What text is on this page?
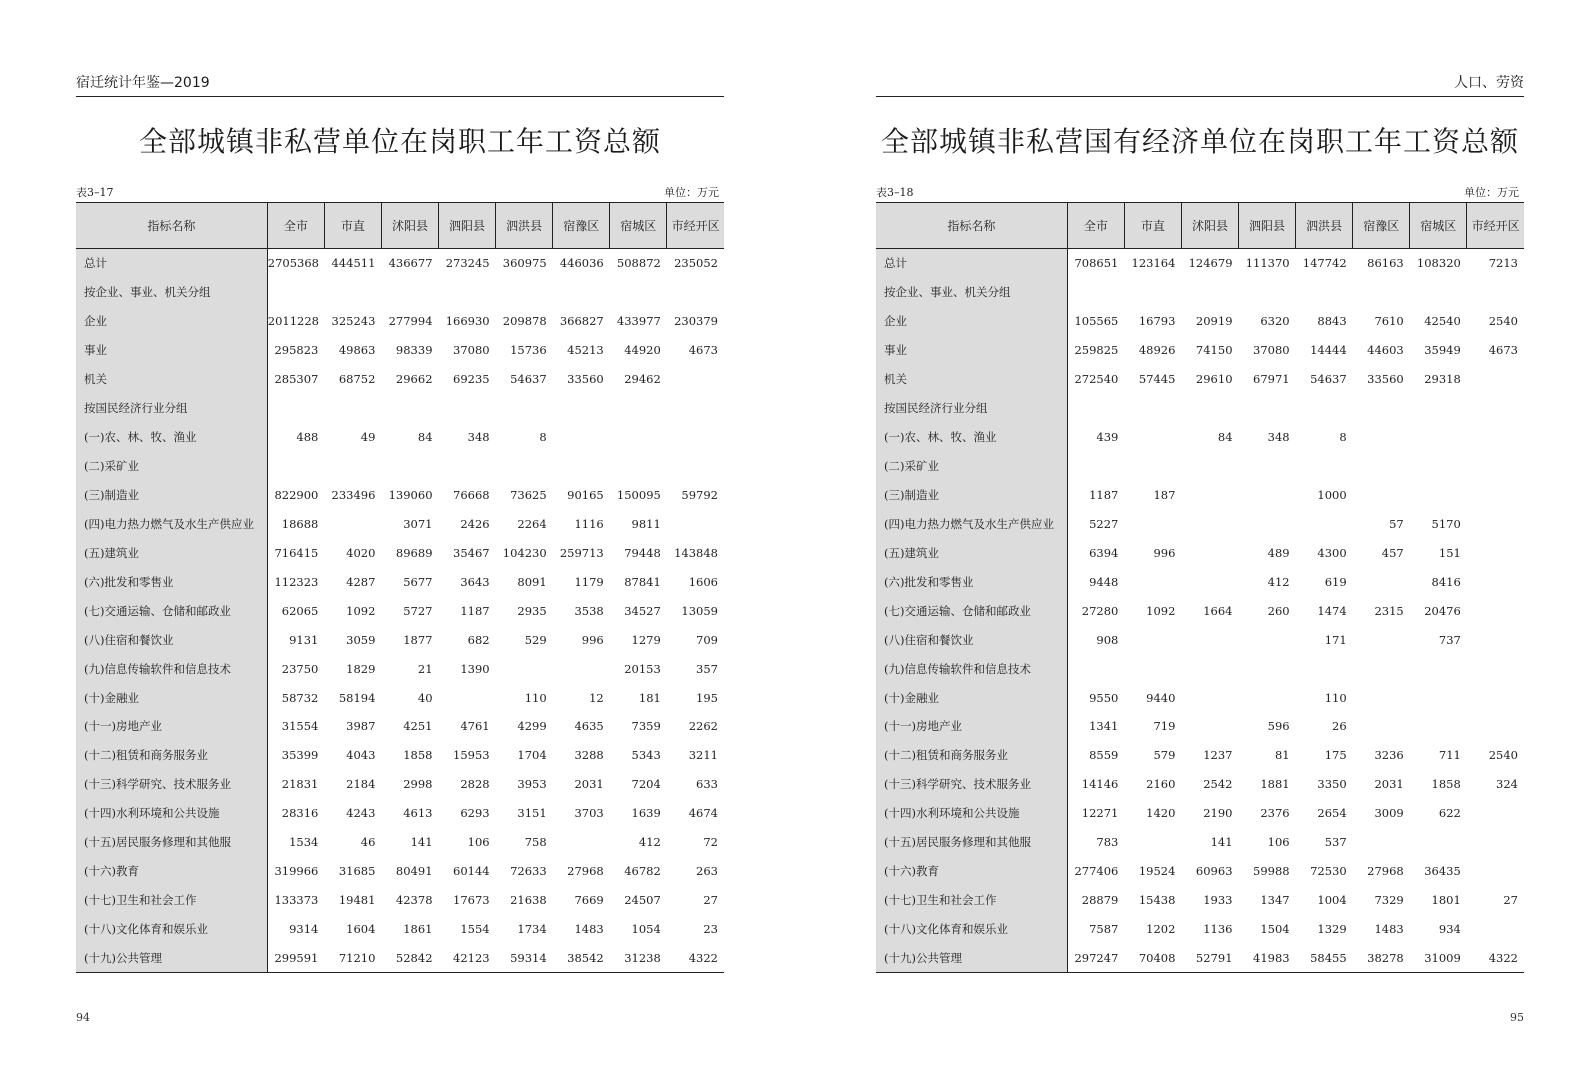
宿迁统计年鉴—2019
全部城镇非私营单位在岗职工年工资总额
表3–17	单位：万元
指标名称	全市	市直	沭阳县	泗阳县	泗洪县	宿豫区	宿城区	市经开区
总计	2705368	444511	436677	273245	360975	446036	508872	235052
按企业、事业、机关分组								
企业	2011228	325243	277994	166930	209878	366827	433977	230379
事业	295823	49863	98339	37080	15736	45213	44920	4673
机关	285307	68752	29662	69235	54637	33560	29462	
按国民经济行业分组								
(一)农、林、牧、渔业	488	49	84	348	8			
(二)采矿业								
(三)制造业	822900	233496	139060	76668	73625	90165	150095	59792
(四)电力热力燃气及水生产供应业	18688		3071	2426	2264	1116	9811	
(五)建筑业	716415	4020	89689	35467	104230	259713	79448	143848
(六)批发和零售业	112323	4287	5677	3643	8091	1179	87841	1606
(七)交通运输、仓储和邮政业	62065	1092	5727	1187	2935	3538	34527	13059
(八)住宿和餐饮业	9131	3059	1877	682	529	996	1279	709
(九)信息传输软件和信息技术	23750	1829	21	1390			20153	357
(十)金融业	58732	58194	40		110	12	181	195
(十一)房地产业	31554	3987	4251	4761	4299	4635	7359	2262
(十二)租赁和商务服务业	35399	4043	1858	15953	1704	3288	5343	3211
(十三)科学研究、技术服务业	21831	2184	2998	2828	3953	2031	7204	633
(十四)水利环境和公共设施	28316	4243	4613	6293	3151	3703	1639	4674
(十五)居民服务修理和其他服	1534	46	141	106	758		412	72
(十六)教育	319966	31685	80491	60144	72633	27968	46782	263
(十七)卫生和社会工作	133373	19481	42378	17673	21638	7669	24507	27
(十八)文化体育和娱乐业	9314	1604	1861	1554	1734	1483	1054	23
(十九)公共管理	299591	71210	52842	42123	59314	38542	31238	4322
94
人口、劳资
全部城镇非私营国有经济单位在岗职工年工资总额
表3–18	单位：万元
指标名称	全市	市直	沭阳县	泗阳县	泗洪县	宿豫区	宿城区	市经开区
总计	708651	123164	124679	111370	147742	86163	108320	7213
按企业、事业、机关分组								
企业	105565	16793	20919	6320	8843	7610	42540	2540
事业	259825	48926	74150	37080	14444	44603	35949	4673
机关	272540	57445	29610	67971	54637	33560	29318	
按国民经济行业分组								
(一)农、林、牧、渔业	439		84	348	8			
(二)采矿业								
(三)制造业	1187	187			1000			
(四)电力热力燃气及水生产供应业	5227					57	5170	
(五)建筑业	6394	996		489	4300	457	151	
(六)批发和零售业	9448			412	619		8416	
(七)交通运输、仓储和邮政业	27280	1092	1664	260	1474	2315	20476	
(八)住宿和餐饮业	908				171		737	
(九)信息传输软件和信息技术								
(十)金融业	9550	9440			110			
(十一)房地产业	1341	719		596	26			
(十二)租赁和商务服务业	8559	579	1237	81	175	3236	711	2540
(十三)科学研究、技术服务业	14146	2160	2542	1881	3350	2031	1858	324
(十四)水利环境和公共设施	12271	1420	2190	2376	2654	3009	622	
(十五)居民服务修理和其他服	783		141	106	537			
(十六)教育	277406	19524	60963	59988	72530	27968	36435	
(十七)卫生和社会工作	28879	15438	1933	1347	1004	7329	1801	27
(十八)文化体育和娱乐业	7587	1202	1136	1504	1329	1483	934	
(十九)公共管理	297247	70408	52791	41983	58455	38278	31009	4322
95
